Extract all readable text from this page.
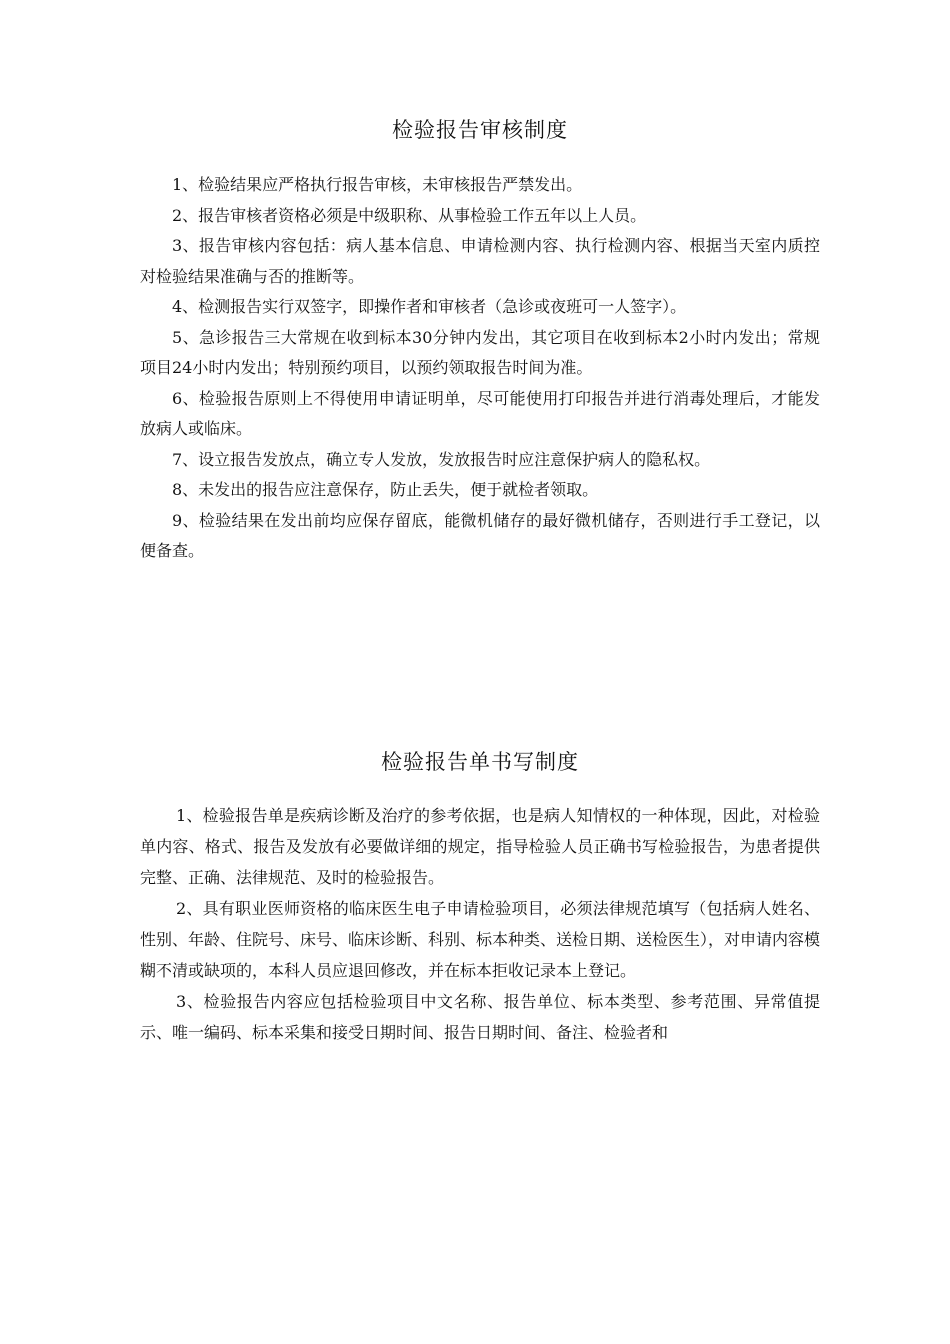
检验报告审核制度

1、检验结果应严格执行报告审核，未审核报告严禁发出。

2、报告审核者资格必须是中级职称、从事检验工作五年以上人员。

3、报告审核内容包括：病人基本信息、申请检测内容、执行检测内容、根据当天室内质控对检验结果准确与否的推断等。

4、检测报告实行双签字，即操作者和审核者（急诊或夜班可一人签字）。

5、急诊报告三大常规在收到标本30分钟内发出，其它项目在收到标本2小时内发出；常规项目24小时内发出；特别预约项目，以预约领取报告时间为准。

6、检验报告原则上不得使用申请证明单，尽可能使用打印报告并进行消毒处理后，才能发放病人或临床。

7、设立报告发放点，确立专人发放，发放报告时应注意保护病人的隐私权。

8、未发出的报告应注意保存，防止丢失，便于就检者领取。

9、检验结果在发出前均应保存留底，能微机储存的最好微机储存，否则进行手工登记，以便备查。

检验报告单书写制度

1、检验报告单是疾病诊断及治疗的参考依据，也是病人知情权的一种体现，因此，对检验单内容、格式、报告及发放有必要做详细的规定，指导检验人员正确书写检验报告，为患者提供完整、正确、法律规范、及时的检验报告。

2、具有职业医师资格的临床医生电子申请检验项目，必须法律规范填写（包括病人姓名、性别、年龄、住院号、床号、临床诊断、科别、标本种类、送检日期、送检医生），对申请内容模糊不清或缺项的，本科人员应退回修改，并在标本拒收记录本上登记。

3、检验报告内容应包括检验项目中文名称、报告单位、标本类型、参考范围、异常值提示、唯一编码、标本采集和接受日期时间、报告日期时间、备注、检验者和
